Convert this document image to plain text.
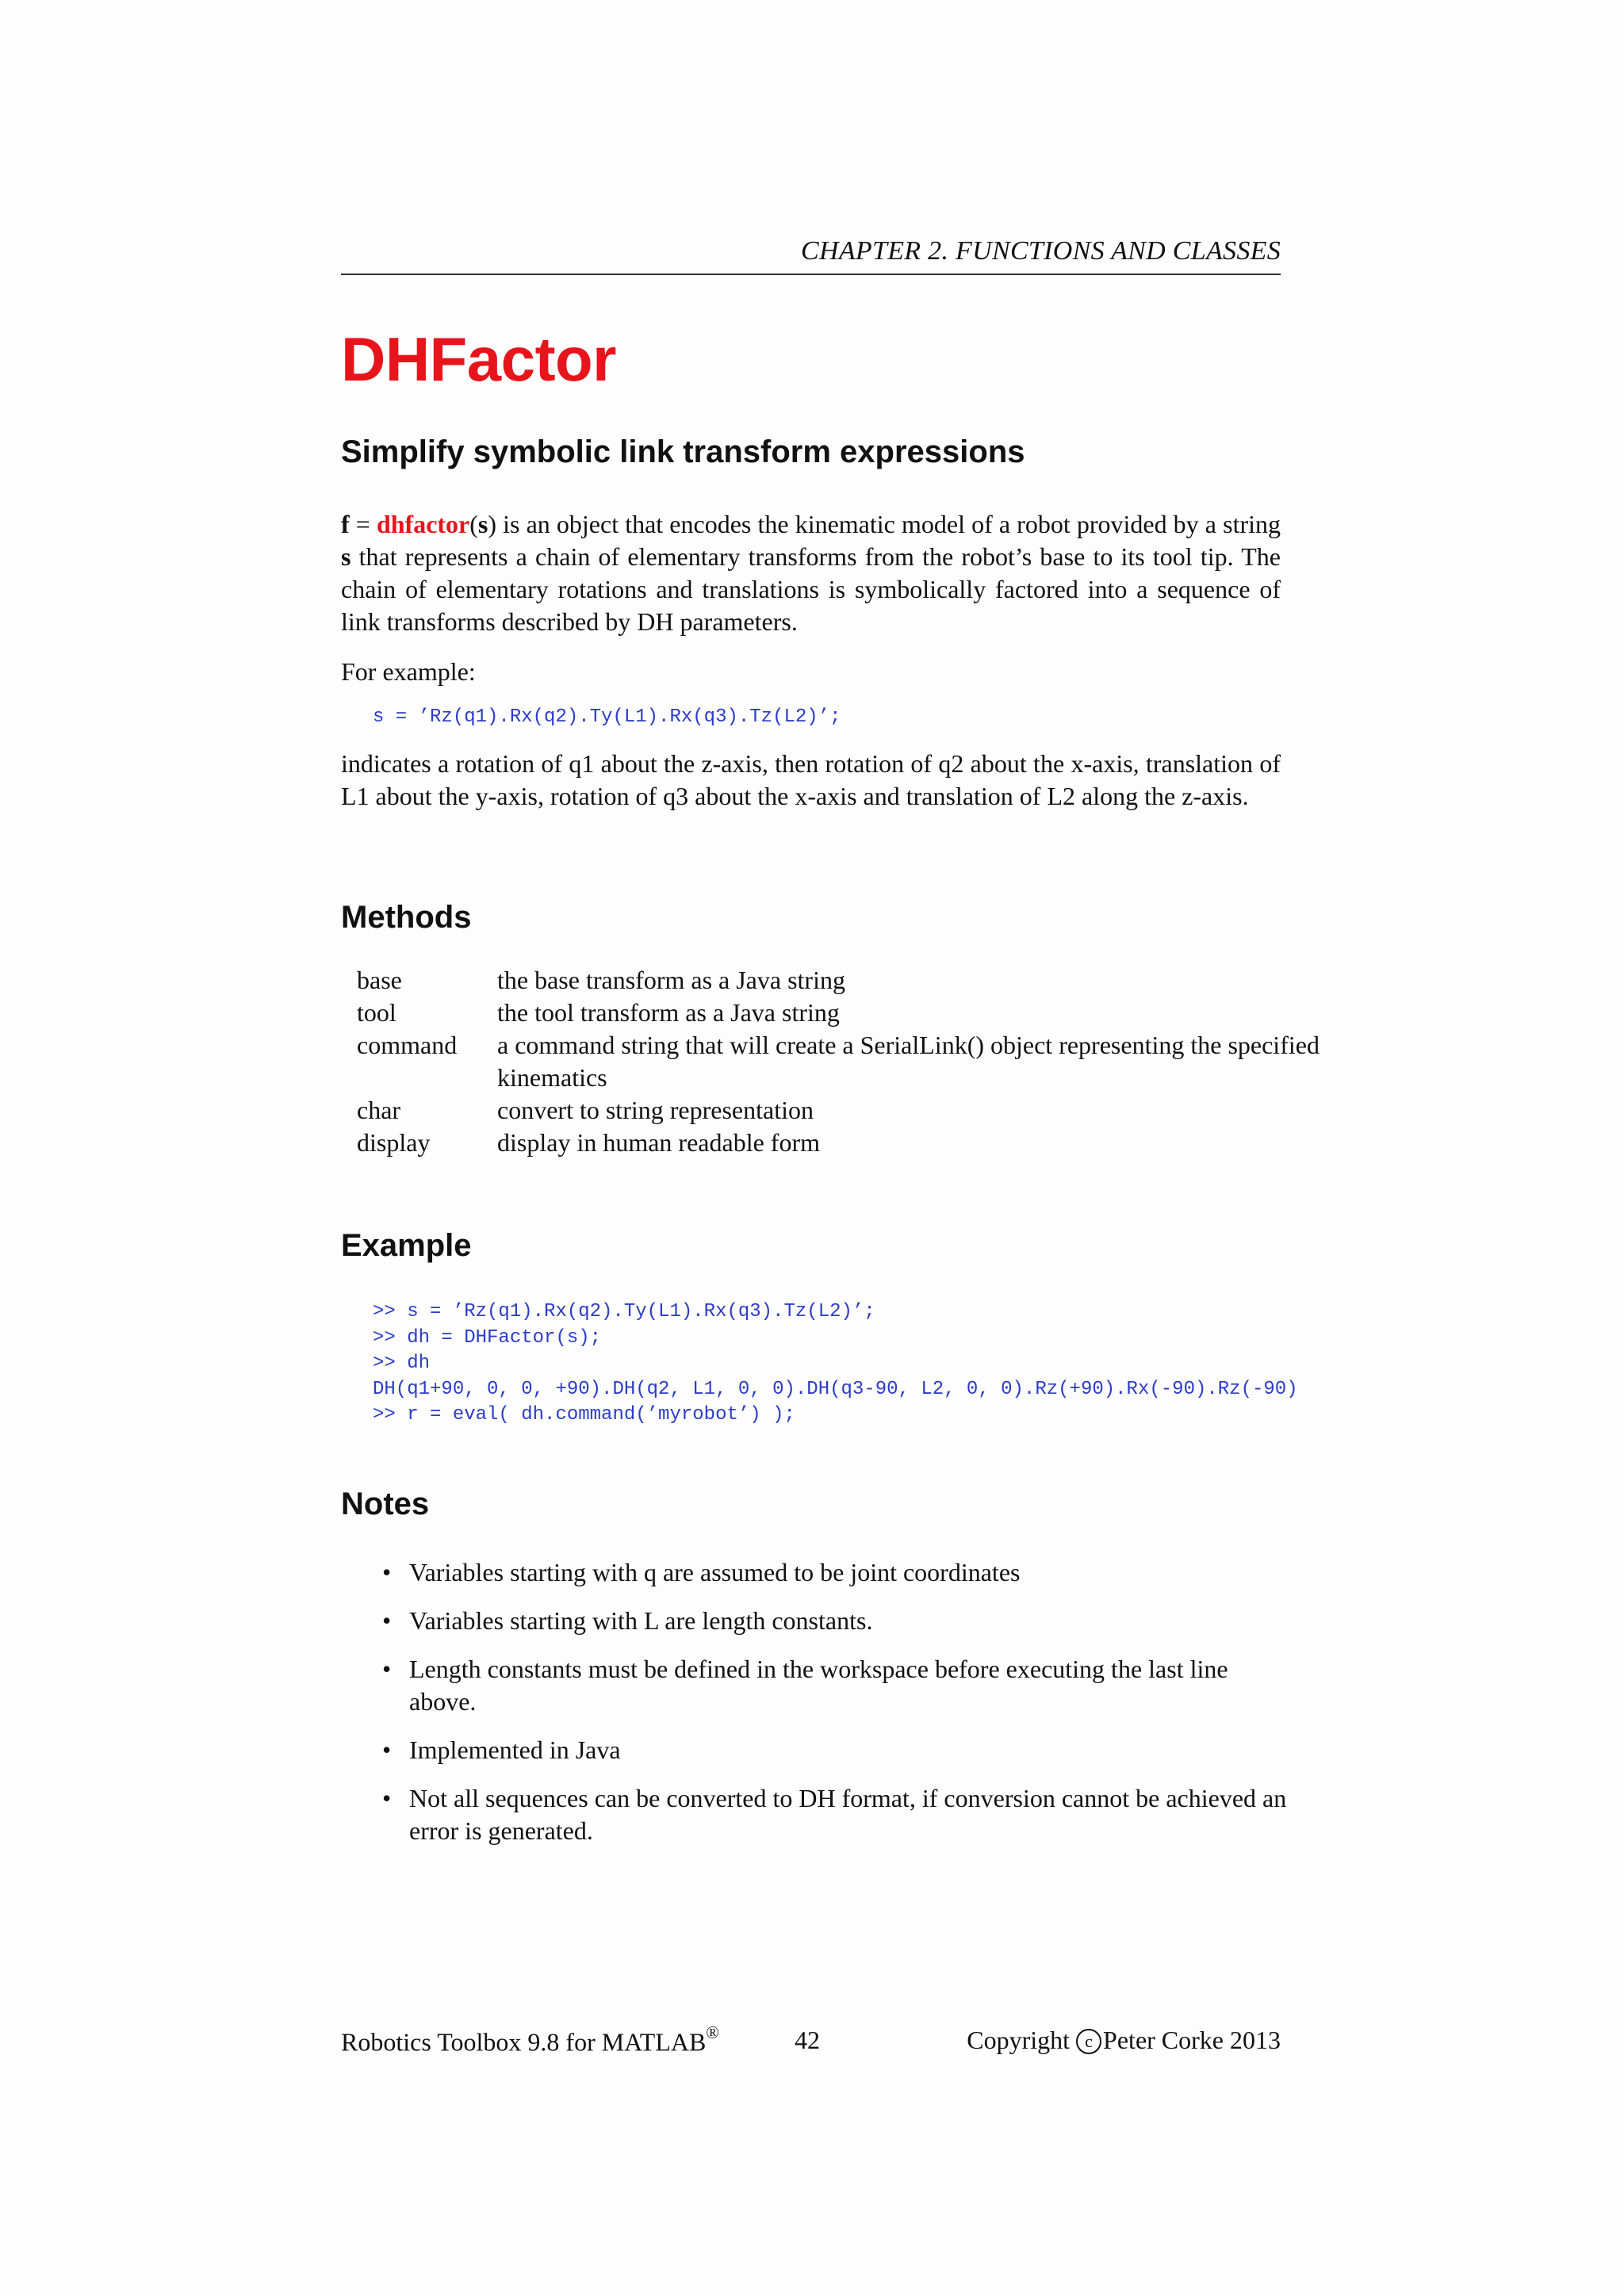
CHAPTER 2. FUNCTIONS AND CLASSES
DHFactor
Simplify symbolic link transform expressions
f = dhfactor(s) is an object that encodes the kinematic model of a robot provided by a string s that represents a chain of elementary transforms from the robot’s base to its tool tip. The chain of elementary rotations and translations is symbolically factored into a sequence of link transforms described by DH parameters.
For example:
s = ’Rz(q1).Rx(q2).Ty(L1).Rx(q3).Tz(L2)’;
indicates a rotation of q1 about the z-axis, then rotation of q2 about the x-axis, translation of L1 about the y-axis, rotation of q3 about the x-axis and translation of L2 along the z-axis.
Methods
base	the base transform as a Java string
tool	the tool transform as a Java string
command	a command string that will create a SerialLink() object representing the specified kinematics
char	convert to string representation
display	display in human readable form
Example
>> s = ’Rz(q1).Rx(q2).Ty(L1).Rx(q3).Tz(L2)’;
>> dh = DHFactor(s);
>> dh
DH(q1+90, 0, 0, +90).DH(q2, L1, 0, 0).DH(q3-90, L2, 0, 0).Rz(+90).Rx(-90).Rz(-90)
>> r = eval( dh.command(’myrobot’) );
Notes
• Variables starting with q are assumed to be joint coordinates
• Variables starting with L are length constants.
• Length constants must be defined in the workspace before executing the last line above.
• Implemented in Java
• Not all sequences can be converted to DH format, if conversion cannot be achieved an error is generated.
Robotics Toolbox 9.8 for MATLAB®	42	Copyright c Peter Corke 2013
